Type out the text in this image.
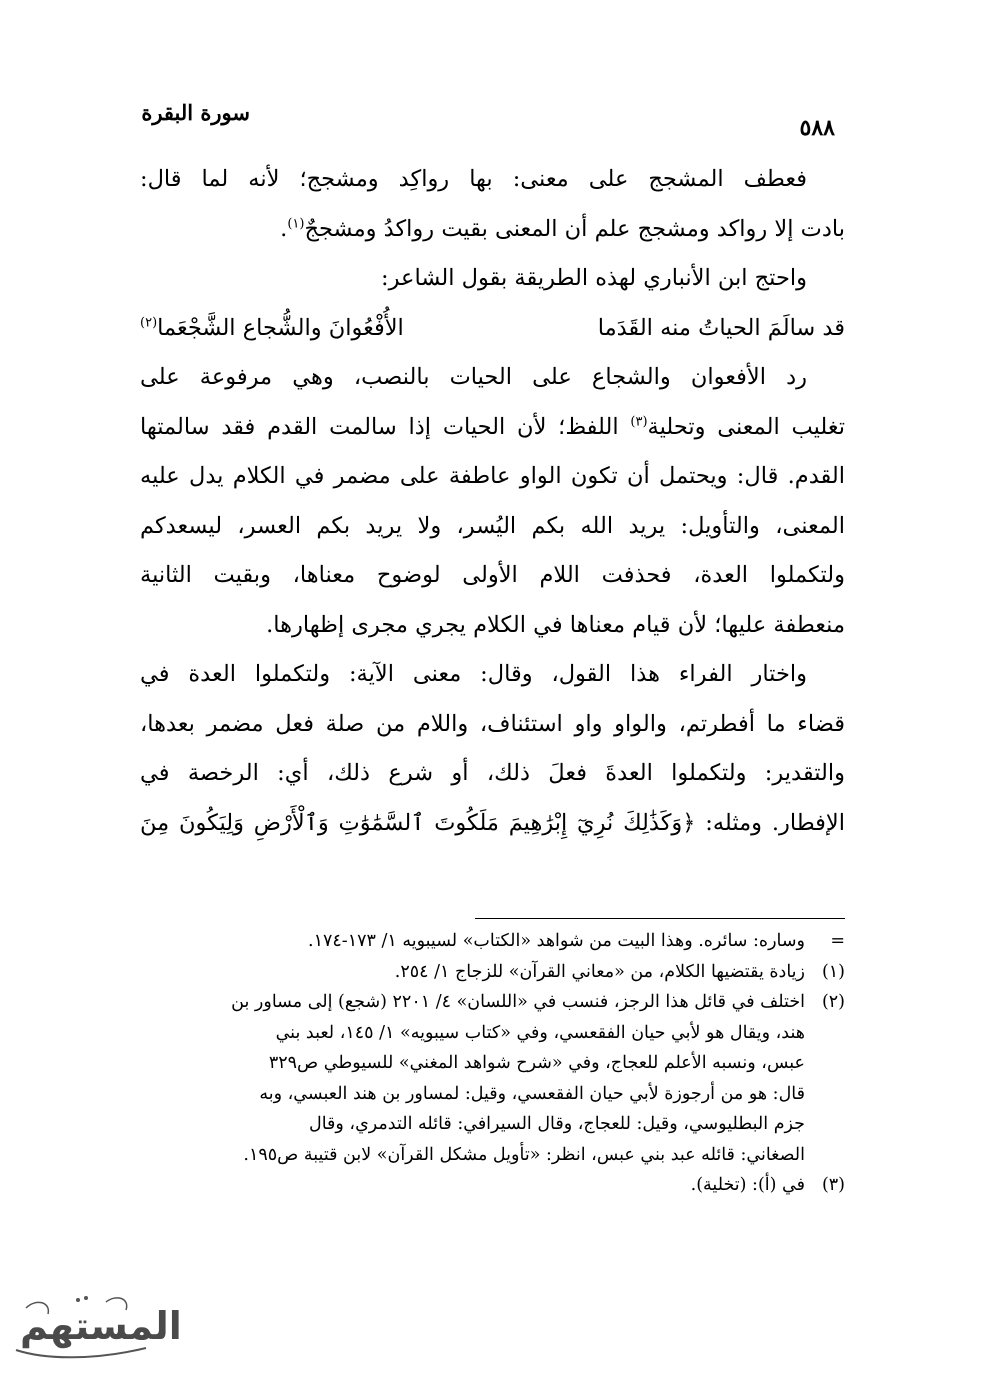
سورة البقرة
٥٨٨
فعطف المشجج على معنى: بها رواكِد ومشجج؛ لأنه لما قال:
بادت إلا رواكد ومشجج علم أن المعنى بقيت رواكدُ ومشججٌ$^{(١)}$.
واحتج ابن الأنباري لهذه الطريقة بقول الشاعر:
قد سالَمَ الحياتُ منه القَدَما
الأُفْعُوانَ والشُّجاع الشَّجْعَما$^{(٢)}$
رد الأفعوان والشجاع على الحيات بالنصب، وهي مرفوعة على
تغليب المعنى وتحلية$^{(٣)}$ اللفظ؛ لأن الحيات إذا سالمت القدم فقد سالمتها
القدم. قال: ويحتمل أن تكون الواو عاطفة على مضمر في الكلام يدل عليه
المعنى، والتأويل: يريد الله بكم اليُسر، ولا يريد بكم العسر، ليسعدكم
ولتكملوا العدة، فحذفت اللام الأولى لوضوح معناها، وبقيت الثانية
منعطفة عليها؛ لأن قيام معناها في الكلام يجري مجرى إظهارها.
واختار الفراء هذا القول، وقال: معنى الآية: ولتكملوا العدة في
قضاء ما أفطرتم، والواو واو استئناف، واللام من صلة فعل مضمر بعدها،
والتقدير: ولتكملوا العدةَ فعلَ ذلك، أو شرع ذلك، أي: الرخصة في
الإفطار. ومثله: ﴿وَكَذَٰلِكَ نُرِيٓ إِبْرَٰهِيمَ مَلَكُوتَ ٱلسَّمَٰوَٰتِ وَٱلْأَرْضِ وَلِيَكُونَ مِنَ
=وساره: سائره. وهذا البيت من شواهد «الكتاب» لسيبويه ١/ ١٧٣-١٧٤.
(١)زيادة يقتضيها الكلام، من «معاني القرآن» للزجاج ١/ ٢٥٤.
(٢)اختلف في قائل هذا الرجز، فنسب في «اللسان» ٤/ ٢٢٠١ (شجع) إلى مساور بن
هند، ويقال هو لأبي حيان الفقعسي، وفي «كتاب سيبويه» ١/ ١٤٥، لعبد بني
عبس، ونسبه الأعلم للعجاج، وفي «شرح شواهد المغني» للسيوطي ص٣٢٩
قال: هو من أرجوزة لأبي حيان الفقعسي، وقيل: لمساور بن هند العبسي، وبه
جزم البطليوسي، وقيل: للعجاج، وقال السيرافي: قائله التدمري، وقال
الصغاني: قائله عبد بني عبس، انظر: «تأويل مشكل القرآن» لابن قتيبة ص١٩٥.
(٣)في (أ): (تخلية).
المستهم
